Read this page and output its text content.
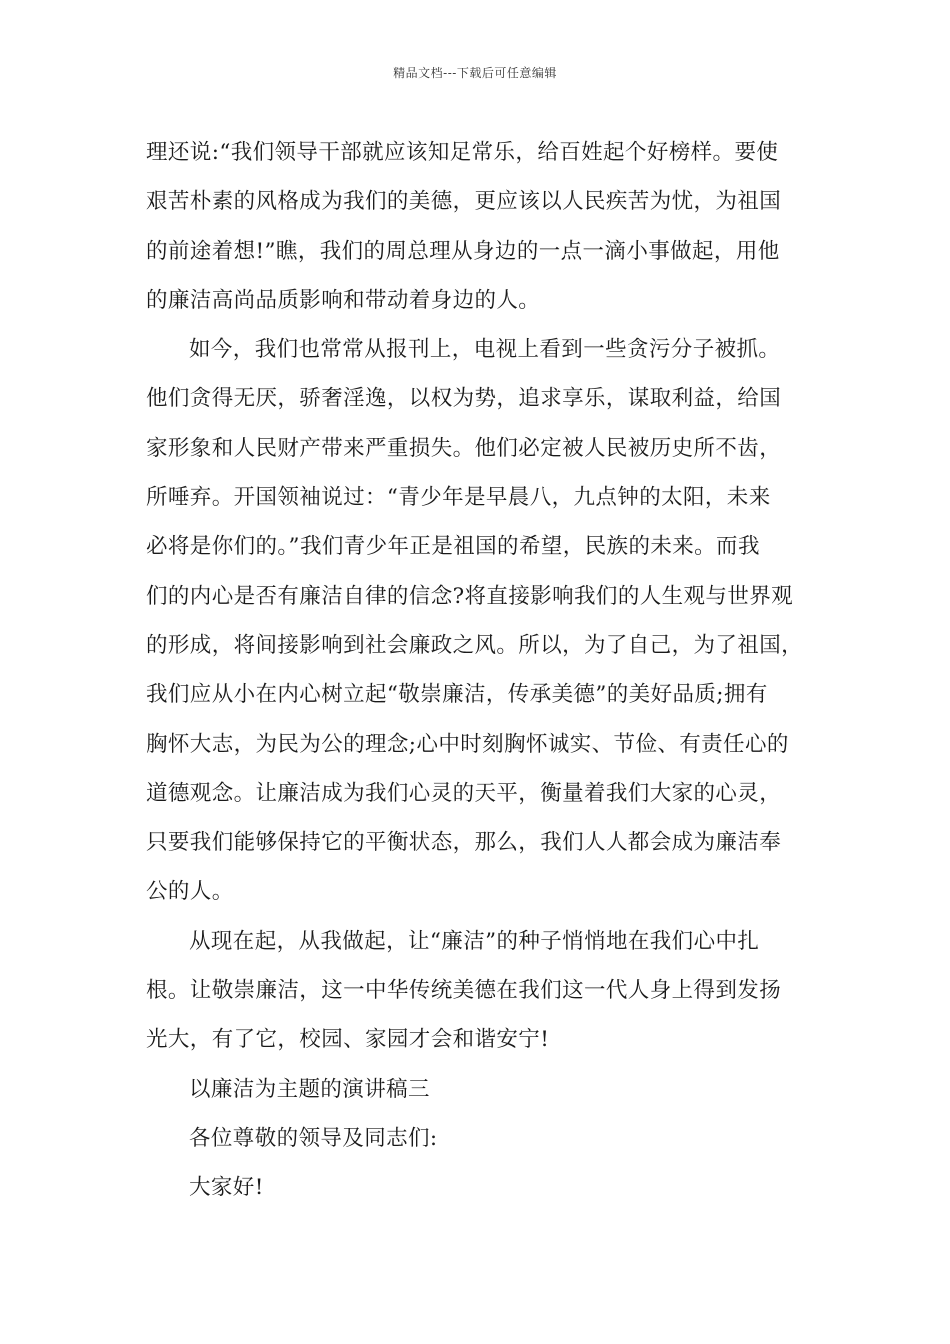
精品文档---下载后可任意编辑
理还说:“我们领导干部就应该知足常乐，给百姓起个好榜样。要使
艰苦朴素的风格成为我们的美德，更应该以人民疾苦为忧，为祖国
的前途着想!”瞧，我们的周总理从身边的一点一滴小事做起，用他
的廉洁高尚品质影响和带动着身边的人。
如今，我们也常常从报刊上，电视上看到一些贪污分子被抓。
他们贪得无厌，骄奢淫逸，以权为势，追求享乐，谋取利益，给国
家形象和人民财产带来严重损失。他们必定被人民被历史所不齿，
所唾弃。开国领袖说过：“青少年是早晨八，九点钟的太阳，未来
必将是你们的。”我们青少年正是祖国的希望，民族的未来。而我
们的内心是否有廉洁自律的信念?将直接影响我们的人生观与世界观
的形成，将间接影响到社会廉政之风。所以，为了自己，为了祖国，
我们应从小在内心树立起“敬崇廉洁，传承美德”的美好品质;拥有
胸怀大志，为民为公的理念;心中时刻胸怀诚实、节俭、有责任心的
道德观念。让廉洁成为我们心灵的天平，衡量着我们大家的心灵，
只要我们能够保持它的平衡状态，那么，我们人人都会成为廉洁奉
公的人。
从现在起，从我做起，让“廉洁”的种子悄悄地在我们心中扎
根。让敬崇廉洁，这一中华传统美德在我们这一代人身上得到发扬
光大，有了它，校园、家园才会和谐安宁!
以廉洁为主题的演讲稿三
各位尊敬的领导及同志们:
大家好!
